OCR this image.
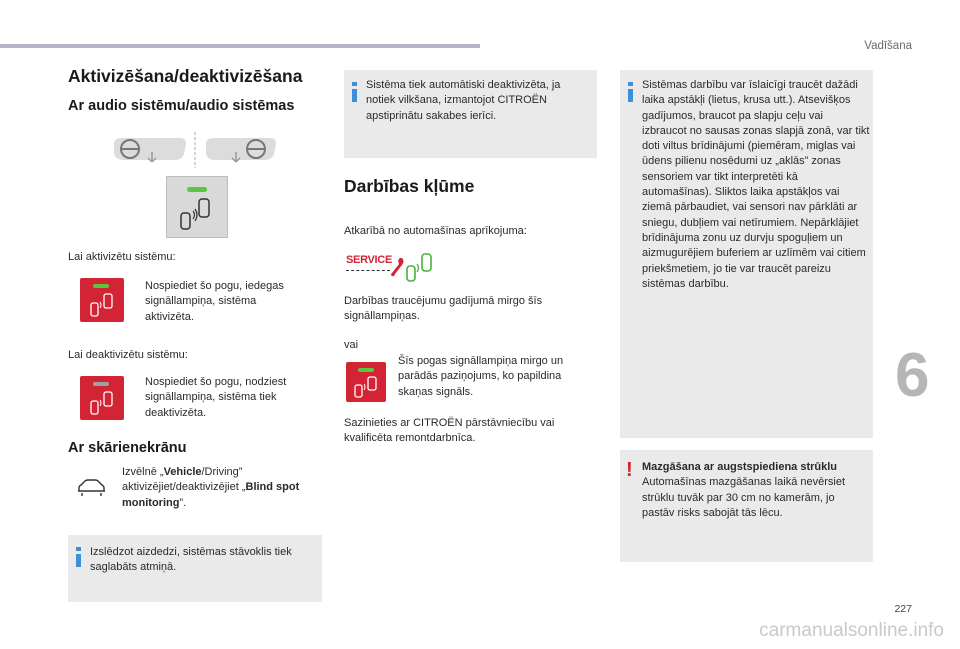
Vadīšana
6
227
carmanualsonline.info
Aktivizēšana/deaktivizēšana
Ar audio sistēmu/audio sistēmas
Lai aktivizētu sistēmu:
Nospiediet šo pogu, iedegas signāllampiņa, sistēma aktivizēta.
Lai deaktivizētu sistēmu:
Nospiediet šo pogu, nodziest signāllampiņa, sistēma tiek deaktivizēta.
Ar skārienekrānu
Izvēlnē „Vehicle/Driving” aktivizējiet/deaktivizējiet „Blind spot monitoring”.
Izslēdzot aizdedzi, sistēmas stāvoklis tiek saglabāts atmiņā.
Sistēma tiek automātiski deaktivizēta, ja notiek vilkšana, izmantojot CITROËN apstiprinātu sakabes ierīci.
Darbības kļūme
Atkarībā no automašīnas aprīkojuma:
SERVICE
Darbības traucējumu gadījumā mirgo šīs signāllampiņas.
vai
Šīs pogas signāllampiņa mirgo un parādās paziņojums, ko papildina skaņas signāls.
Sazinieties ar CITROËN pārstāvniecību vai kvalificēta remontdarbnīca.
Sistēmas darbību var īslaicīgi traucēt dažādi laika apstākļi (lietus, krusa utt.). Atsevišķos gadījumos, braucot pa slapju ceļu vai izbraucot no sausas zonas slapjā zonā, var tikt doti viltus brīdinājumi (piemēram, miglas vai ūdens pilienu nosēdumi uz „aklās” zonas sensoriem var tikt interpretēti kā automašīnas). Sliktos laika apstākļos vai ziemā pārbaudiet, vai sensori nav pārklāti ar sniegu, dubļiem vai netīrumiem. Nepārklājiet brīdinājuma zonu uz durvju spoguļiem un aizmugurējiem buferiem ar uzlīmēm vai citiem priekšmetiem, jo tie var traucēt pareizu sistēmas darbību.
! Mazgāšana ar augstspiediena strūklu
Automašīnas mazgāšanas laikā nevērsiet strūklu tuvāk par 30 cm no kamerām, jo pastāv risks sabojāt tās lēcu.
